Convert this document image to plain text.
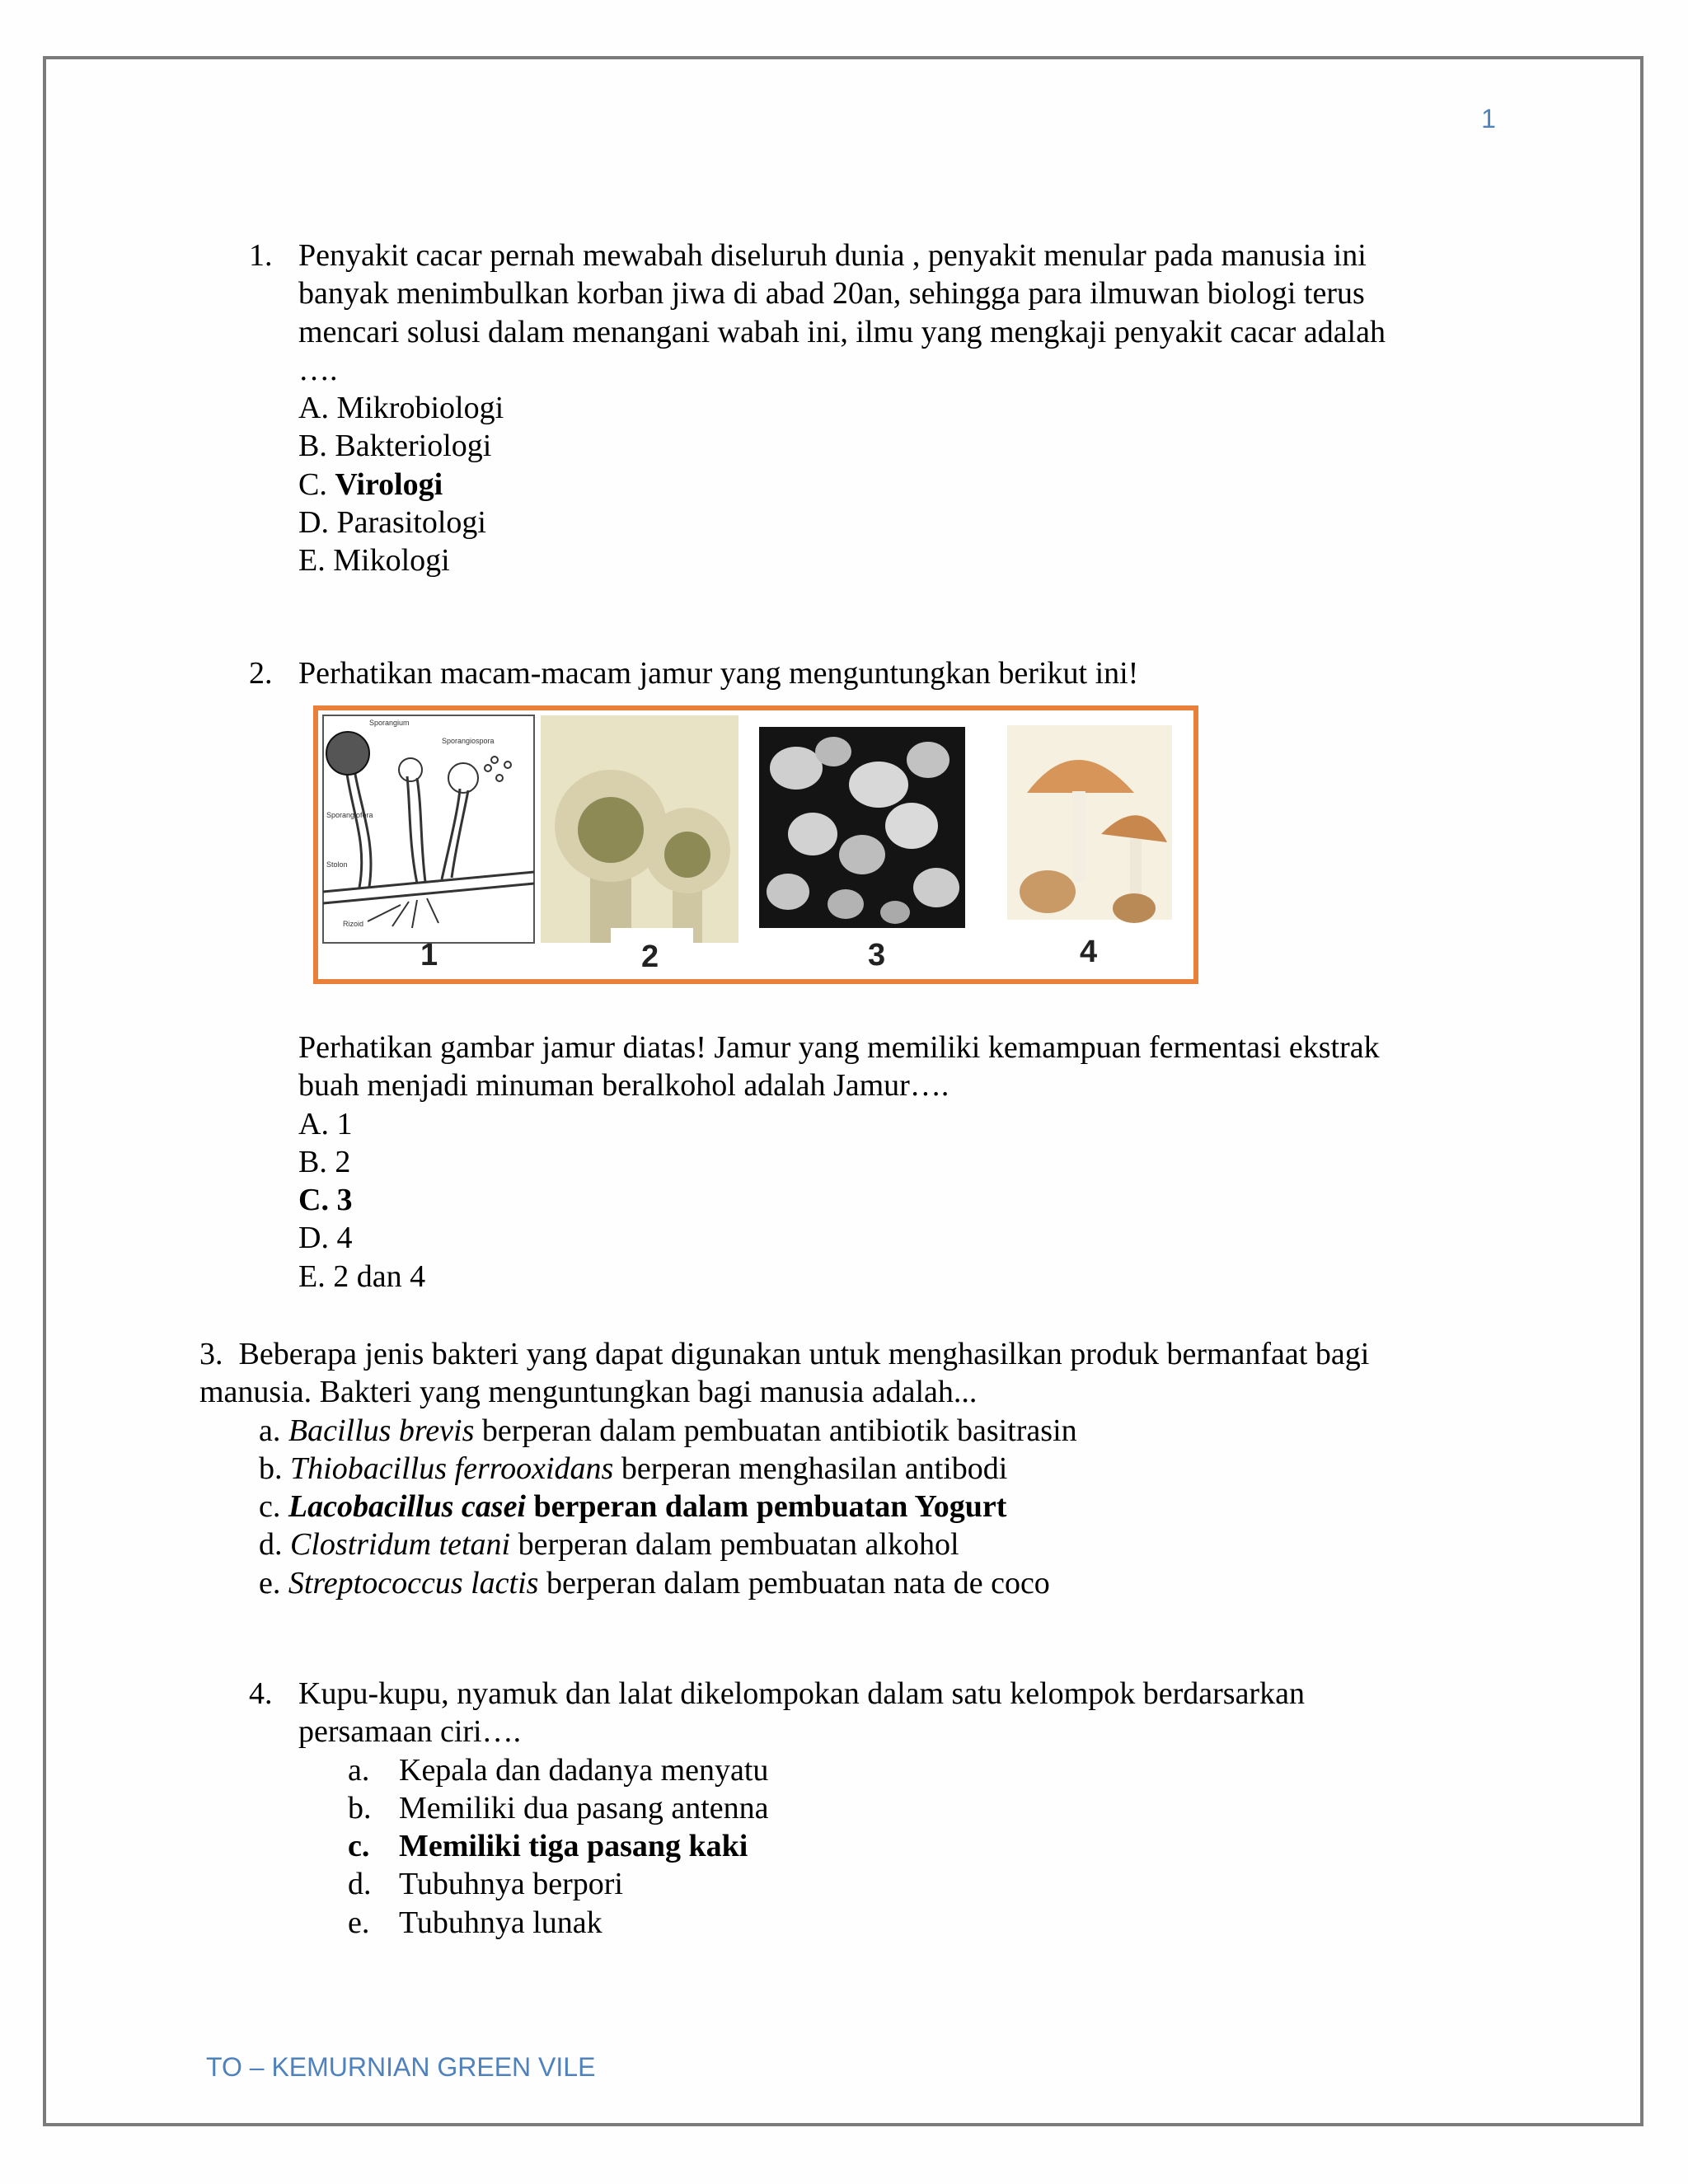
1
1. Penyakit cacar pernah mewabah diseluruh dunia , penyakit menular pada manusia ini

banyak menimbulkan korban jiwa di abad 20an, sehingga para ilmuwan biologi terus

mencari solusi dalam menangani wabah ini, ilmu yang mengkaji penyakit cacar adalah

….

A. Mikrobiologi
B. Bakteriologi
C. Virologi
D. Parasitologi
E. Mikologi
2. Perhatikan macam-macam jamur yang menguntungkan berikut ini!

Perhatikan gambar jamur diatas! Jamur yang memiliki kemampuan fermentasi ekstrak

buah menjadi minuman beralkohol adalah Jamur….

A. 1
B. 2
C. 3
D. 4
E. 2 dan 4
Sporangium
Sporangiospora
Sporangiofora
Stolon
Rizoid
1	2	3	4

3. Beberapa jenis bakteri yang dapat digunakan untuk menghasilkan produk bermanfaat bagi

manusia. Bakteri yang menguntungkan bagi manusia adalah...

a. Bacillus brevis berperan dalam pembuatan antibiotik basitrasin
b. Thiobacillus ferrooxidans berperan menghasilan antibodi
c. Lacobacillus casei berperan dalam pembuatan Yogurt
d. Clostridum tetani berperan dalam pembuatan alkohol
e. Streptococcus lactis berperan dalam pembuatan nata de coco
4. Kupu-kupu, nyamuk dan lalat dikelompokan dalam satu kelompok berdarsarkan

persamaan ciri….

a. Kepala dan dadanya menyatu
b. Memiliki dua pasang antenna
c. Memiliki tiga pasang kaki
d. Tubuhnya berpori
e. Tubuhnya lunak
TO – KEMURNIAN GREEN VILE
